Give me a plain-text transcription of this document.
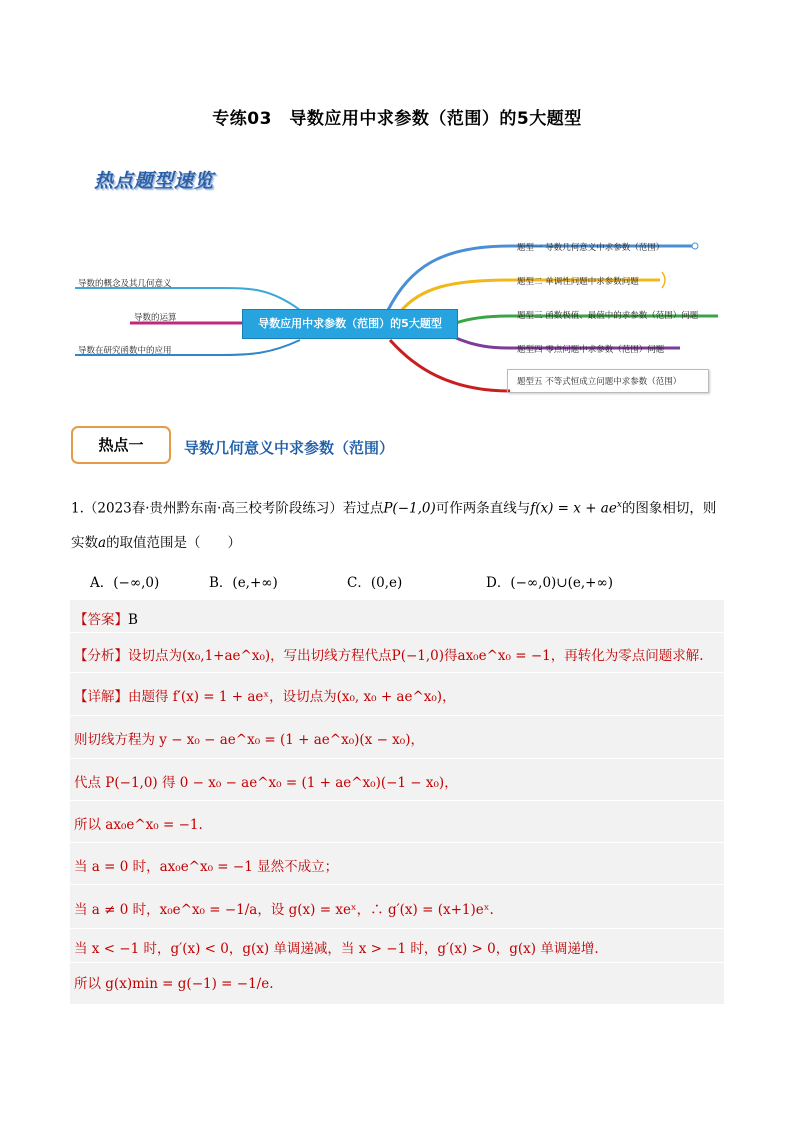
专练03　导数应用中求参数（范围）的5大题型
热点题型速览
导数应用中求参数（范围）的5大题型
导数的概念及其几何意义
导数的运算
导数在研究函数中的应用
题型一 导数几何意义中求参数（范围）
题型二 单调性问题中求参数问题
题型三 函数极值、最值中的求参数（范围）问题
题型四 零点问题中求参数（范围）问题
题型五 不等式恒成立问题中求参数（范围）
热点一	导数几何意义中求参数（范围）
1.（2023春·贵州黔东南·高三校考阶段练习）若过点P(−1,0)可作两条直线与$f(x) = x + ae^x$的图象相切，则
实数a的取值范围是（　　）
A．(−∞,0)	B．(e,+∞)	C．(0,e)	D．(−∞,0)∪(e,+∞)
【答案】B
【分析】设切点为(x₀,1+ae^x₀)，写出切线方程代点P(−1,0)得ax₀e^x₀ = −1，再转化为零点问题求解.
【详解】由题得 f′(x) = 1 + aeˣ，设切点为(x₀, x₀ + ae^x₀)，
则切线方程为 y − x₀ − ae^x₀ = (1 + ae^x₀)(x − x₀)，
代点 P(−1,0) 得 0 − x₀ − ae^x₀ = (1 + ae^x₀)(−1 − x₀)，
所以 ax₀e^x₀ = −1.
当 a = 0 时，ax₀e^x₀ = −1 显然不成立；
当 a ≠ 0 时，x₀e^x₀ = −1/a，设 g(x) = xeˣ，∴ g′(x) = (x+1)eˣ.
当 x < −1 时，g′(x) < 0，g(x) 单调递减，当 x > −1 时，g′(x) > 0，g(x) 单调递增.
所以 g(x)min = g(−1) = −1/e.
